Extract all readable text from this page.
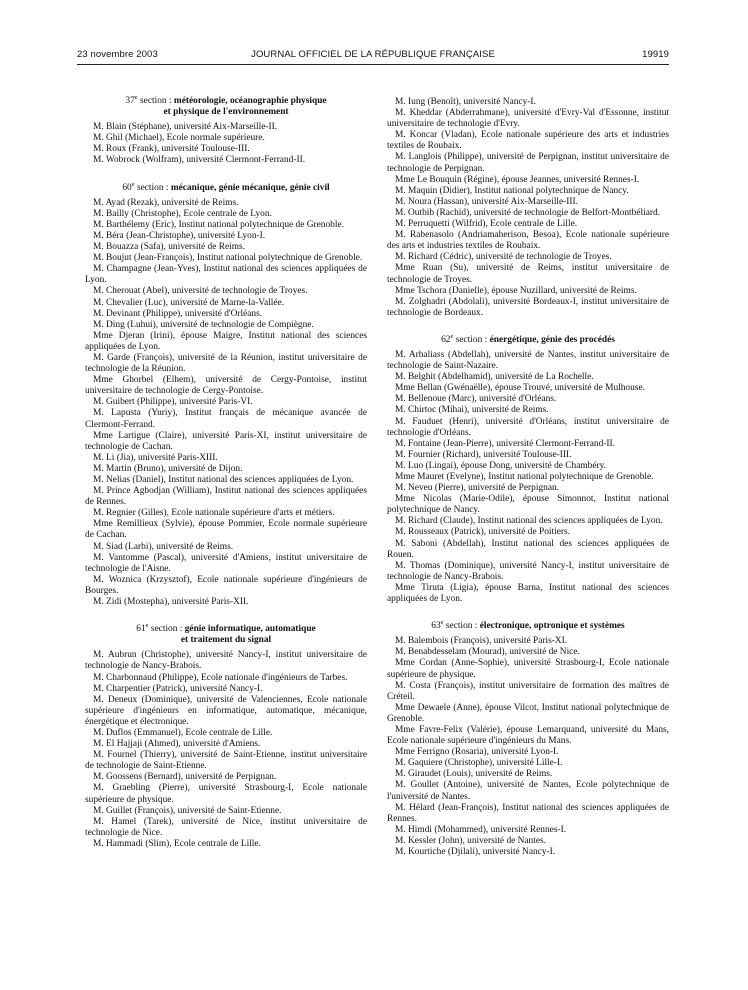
23 novembre 2003	JOURNAL OFFICIEL DE LA RÉPUBLIQUE FRANÇAISE	19919
37e section : météorologie, océanographie physique
et physique de l'environnement

M. Blain (Stéphane), université Aix-Marseille-II.

M. Ghil (Michael), Ecole normale supérieure.

M. Roux (Frank), université Toulouse-III.

M. Wobrock (Wolfram), université Clermont-Ferrand-II.

60e section : mécanique, génie mécanique, génie civil

M. Ayad (Rezak), université de Reims.

M. Bailly (Christophe), Ecole centrale de Lyon.

M. Barthélemy (Eric), Institut national polytechnique de Grenoble.

M. Béra (Jean-Christophe), université Lyon-I.

M. Bouazza (Safa), université de Reims.

M. Boujut (Jean-François), Institut national polytechnique de Grenoble.

M. Champagne (Jean-Yves), Institut national des sciences appliquées de Lyon.

M. Cherouat (Abel), université de technologie de Troyes.

M. Chevalier (Luc), université de Marne-la-Vallée.

M. Devinant (Philippe), université d'Orléans.

M. Ding (Luhui), université de technologie de Compiègne.

Mme Djeran (Irini), épouse Maigre, Institut national des sciences appliquées de Lyon.

M. Garde (François), université de la Réunion, institut universitaire de technologie de la Réunion.

Mme Ghorbel (Elhem), université de Cergy-Pontoise, institut universitaire de technologie de Cergy-Pontoise.

M. Guibert (Philippe), université Paris-VI.

M. Lapusta (Yuriy), Institut français de mécanique avancée de Clermont-Ferrand.

Mme Lartigue (Claire), université Paris-XI, institut universitaire de technologie de Cachan.

M. Li (Jia), université Paris-XIII.

M. Martin (Bruno), université de Dijon.

M. Nelias (Daniel), Institut national des sciences appliquées de Lyon.

M. Prince Agbodjan (William), Institut national des sciences appliquées de Rennes.

M. Regnier (Gilles), Ecole nationale supérieure d'arts et métiers.

Mme Remillieux (Sylvie), épouse Pommier, Ecole normale supérieure de Cachan.

M. Siad (Larbi), université de Reims.

M. Vantomme (Pascal), université d'Amiens, institut universitaire de technologie de l'Aisne.

M. Woznica (Krzysztof), Ecole nationale supérieure d'ingénieurs de Bourges.

M. Zidi (Mostepha), université Paris-XII.

61e section : génie informatique, automatique
et traitement du signal

M. Aubrun (Christophe), université Nancy-I, institut universitaire de technologie de Nancy-Brabois.

M. Charbonnaud (Philippe), Ecole nationale d'ingénieurs de Tarbes.

M. Charpentier (Patrick), université Nancy-I.

M. Deneux (Dominique), université de Valenciennes, Ecole nationale supérieure d'ingénieurs en informatique, automatique, mécanique, énergétique et électronique.

M. Duflos (Emmanuel), Ecole centrale de Lille.

M. El Hajjaji (Ahmed), université d'Amiens.

M. Fournel (Thierry), université de Saint-Etienne, institut universitaire de technologie de Saint-Etienne.

M. Goossens (Bernard), université de Perpignan.

M. Graebling (Pierre), université Strasbourg-I, Ecole nationale supérieure de physique.

M. Guillet (François), université de Saint-Etienne.

M. Hamel (Tarek), université de Nice, institut universitaire de technologie de Nice.

M. Hammadi (Slim), Ecole centrale de Lille.

M. Iung (Benoît), université Nancy-I.

M. Kheddar (Abderrahmane), université d'Evry-Val d'Essonne, institut universitaire de technologie d'Evry.

M. Koncar (Vladan), Ecole nationale supérieure des arts et industries textiles de Roubaix.

M. Langlois (Philippe), université de Perpignan, institut universitaire de technologie de Perpignan.

Mme Le Bouquin (Régine), épouse Jeannes, université Rennes-I.

M. Maquin (Didier), Institut national polytechnique de Nancy.

M. Noura (Hassan), université Aix-Marseille-III.

M. Outbib (Rachid), université de technologie de Belfort-Montbéliard.

M. Perruquetti (Wilfrid), Ecole centrale de Lille.

M. Rabenasolo (Andriamaherison, Besoa), Ecole nationale supérieure des arts et industries textiles de Roubaix.

M. Richard (Cédric), université de technologie de Troyes.

Mme Ruan (Su), université de Reims, institut universitaire de technologie de Troyes.

Mme Tschora (Danielle), épouse Nuzillard, université de Reims.

M. Zolghadri (Abdolali), université Bordeaux-I, institut universitaire de technologie de Bordeaux.

62e section : énergétique, génie des procédés

M. Arhaliass (Abdellah), université de Nantes, institut universitaire de technologie de Saint-Nazaire.

M. Belghit (Abdelhamid), université de La Rochelle.

Mme Bellan (Gwénaëlle), épouse Trouvé, université de Mulhouse.

M. Bellenoue (Marc), université d'Orléans.

M. Chirtoc (Mihai), université de Reims.

M. Fauduet (Henri), université d'Orléans, institut universitaire de technologie d'Orléans.

M. Fontaine (Jean-Pierre), université Clermont-Ferrand-II.

M. Fournier (Richard), université Toulouse-III.

M. Luo (Lingai), épouse Dong, université de Chambéry.

Mme Mauret (Evelyne), Institut national polytechnique de Grenoble.

M. Neveu (Pierre), université de Perpignan.

Mme Nicolas (Marie-Odile), épouse Simonnot, Institut national polytechnique de Nancy.

M. Richard (Claude), Institut national des sciences appliquées de Lyon.

M. Rousseaux (Patrick), université de Poitiers.

M. Saboni (Abdellah), Institut national des sciences appliquées de Rouen.

M. Thomas (Dominique), université Nancy-I, institut universitaire de technologie de Nancy-Brabois.

Mme Tiruta (Ligia), épouse Barna, Institut national des sciences appliquées de Lyon.

63e section : électronique, optronique et systèmes

M. Balembois (François), université Paris-XI.

M. Benabdesselam (Mourad), université de Nice.

Mme Cordan (Anne-Sophie), université Strasbourg-I, Ecole nationale supérieure de physique.

M. Costa (François), institut universitaire de formation des maîtres de Créteil.

Mme Dewaele (Anne), épouse Vilcot, Institut national polytechnique de Grenoble.

Mme Favre-Felix (Valérie), épouse Lemarquand, université du Mans, Ecole nationale supérieure d'ingénieurs du Mans.

Mme Ferrigno (Rosaria), université Lyon-I.

M. Gaquiere (Christophe), université Lille-I.

M. Giraudet (Louis), université de Reims.

M. Goullet (Antoine), université de Nantes, Ecole polytechnique de l'université de Nantes.

M. Hélard (Jean-François), Institut national des sciences appliquées de Rennes.

M. Himdi (Mohammed), université Rennes-I.

M. Kessler (John), université de Nantes.

M. Kourtiche (Djilali), université Nancy-I.
